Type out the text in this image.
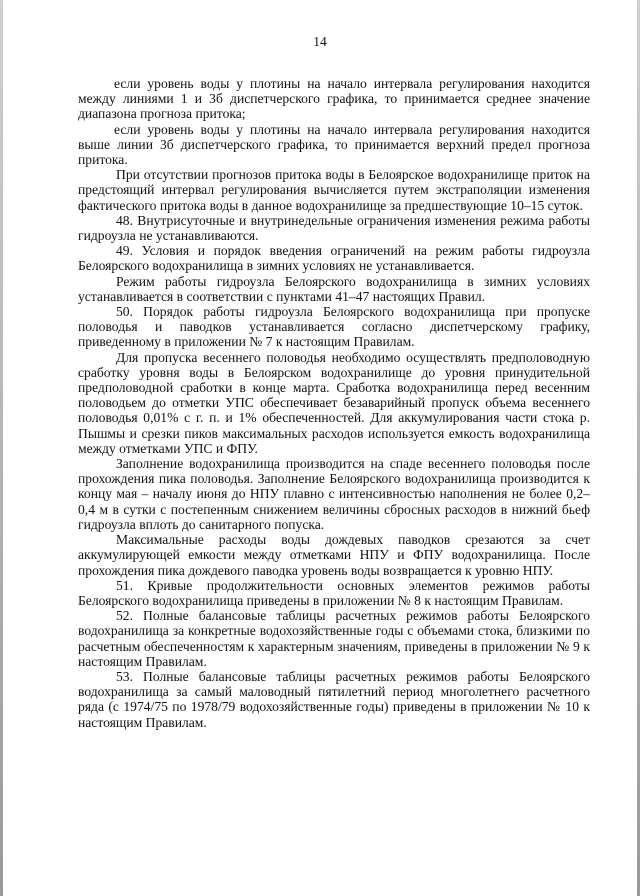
14

если уровень воды у плотины на начало интервала регулирования находится между линиями 1 и 3б диспетчерского графика, то принимается среднее значение диапазона прогноза притока;

если уровень воды у плотины на начало интервала регулирования находится выше линии 3б диспетчерского графика, то принимается верхний предел прогноза притока.

При отсутствии прогнозов притока воды в Белоярское водохранилище приток на предстоящий интервал регулирования вычисляется путем экстраполяции изменения фактического притока воды в данное водохранилище за предшествующие 10–15 суток.

48. Внутрисуточные и внутринедельные ограничения изменения режима работы гидроузла не устанавливаются.

49. Условия и порядок введения ограничений на режим работы гидроузла Белоярского водохранилища в зимних условиях не устанавливается.

Режим работы гидроузла Белоярского водохранилища в зимних условиях устанавливается в соответствии с пунктами 41–47 настоящих Правил.

50. Порядок работы гидроузла Белоярского водохранилища при пропуске половодья и паводков устанавливается согласно диспетчерскому графику, приведенному в приложении № 7 к настоящим Правилам.

Для пропуска весеннего половодья необходимо осуществлять предполоводную сработку уровня воды в Белоярском водохранилище до уровня принудительной предполоводной сработки в конце марта. Сработка водохранилища перед весенним половодьем до отметки УПС обеспечивает безаварийный пропуск объема весеннего половодья 0,01% с г. п. и 1% обеспеченностей. Для аккумулирования части стока р. Пышмы и срезки пиков максимальных расходов используется емкость водохранилища между отметками УПС и ФПУ.

Заполнение водохранилища производится на спаде весеннего половодья после прохождения пика половодья. Заполнение Белоярского водохранилища производится к концу мая – началу июня до НПУ плавно с интенсивностью наполнения не более 0,2–0,4 м в сутки с постепенным снижением величины сбросных расходов в нижний бьеф гидроузла вплоть до санитарного попуска.

Максимальные расходы воды дождевых паводков срезаются за счет аккумулирующей емкости между отметками НПУ и ФПУ водохранилища. После прохождения пика дождевого паводка уровень воды возвращается к уровню НПУ.

51. Кривые продолжительности основных элементов режимов работы Белоярского водохранилища приведены в приложении № 8 к настоящим Правилам.

52. Полные балансовые таблицы расчетных режимов работы Белоярского водохранилища за конкретные водохозяйственные годы с объемами стока, близкими по расчетным обеспеченностям к характерным значениям, приведены в приложении № 9 к настоящим Правилам.

53. Полные балансовые таблицы расчетных режимов работы Белоярского водохранилища за самый маловодный пятилетний период многолетнего расчетного ряда (с 1974/75 по 1978/79 водохозяйственные годы) приведены в приложении № 10 к настоящим Правилам.
